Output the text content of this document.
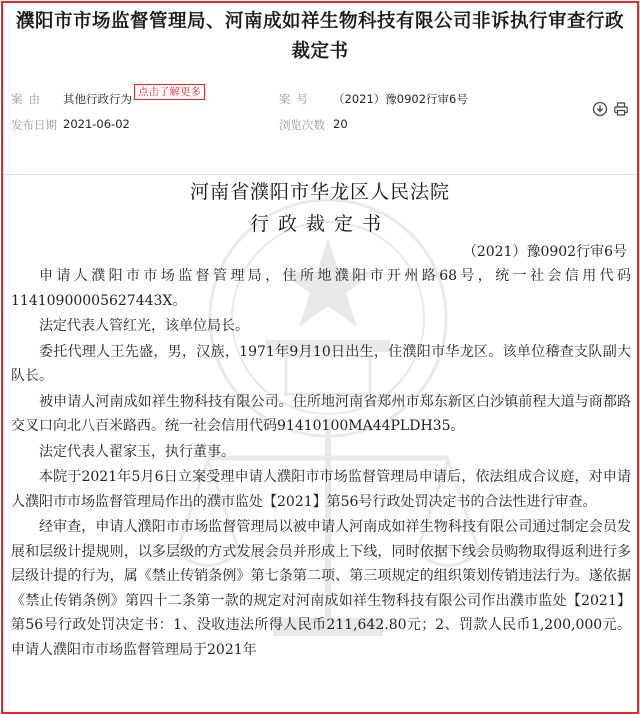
濮阳市市场监督管理局、河南成如祥生物科技有限公司非诉执行审查行政裁定书
案由 其他行政行为 点击了解更多	案号 （2021）豫0902行审6号
发布日期 2021-06-02	浏览次数 20
河南省濮阳市华龙区人民法院
行政裁定书
（2021）豫0902行审6号

申请人濮阳市市场监督管理局，住所地濮阳市开州路68号，统一社会信用代码11410900005627443X。

法定代表人管红光，该单位局长。

委托代理人王先盛，男，汉族，1971年9月10日出生，住濮阳市华龙区。该单位稽查支队副大队长。

被申请人河南成如祥生物科技有限公司。住所地河南省郑州市郑东新区白沙镇前程大道与商都路交叉口向北八百米路西。统一社会信用代码91410100MA44PLDH35。

法定代表人翟家玉，执行董事。

本院于2021年5月6日立案受理申请人濮阳市市场监督管理局申请后，依法组成合议庭，对申请人濮阳市市场监督管理局作出的濮市监处【2021】第56号行政处罚决定书的合法性进行审查。

经审查，申请人濮阳市市场监督管理局以被申请人河南成如祥生物科技有限公司通过制定会员发展和层级计提规则，以多层级的方式发展会员并形成上下线，同时依据下线会员购物取得返利进行多层级计提的行为，属《禁止传销条例》第七条第二项、第三项规定的组织策划传销违法行为。遂依据《禁止传销条例》第四十二条第一款的规定对河南成如祥生物科技有限公司作出濮市监处【2021】第56号行政处罚决定书：1、没收违法所得人民币211,642.80元；2、罚款人民币1,200,000元。申请人濮阳市市场监督管理局于2021年
